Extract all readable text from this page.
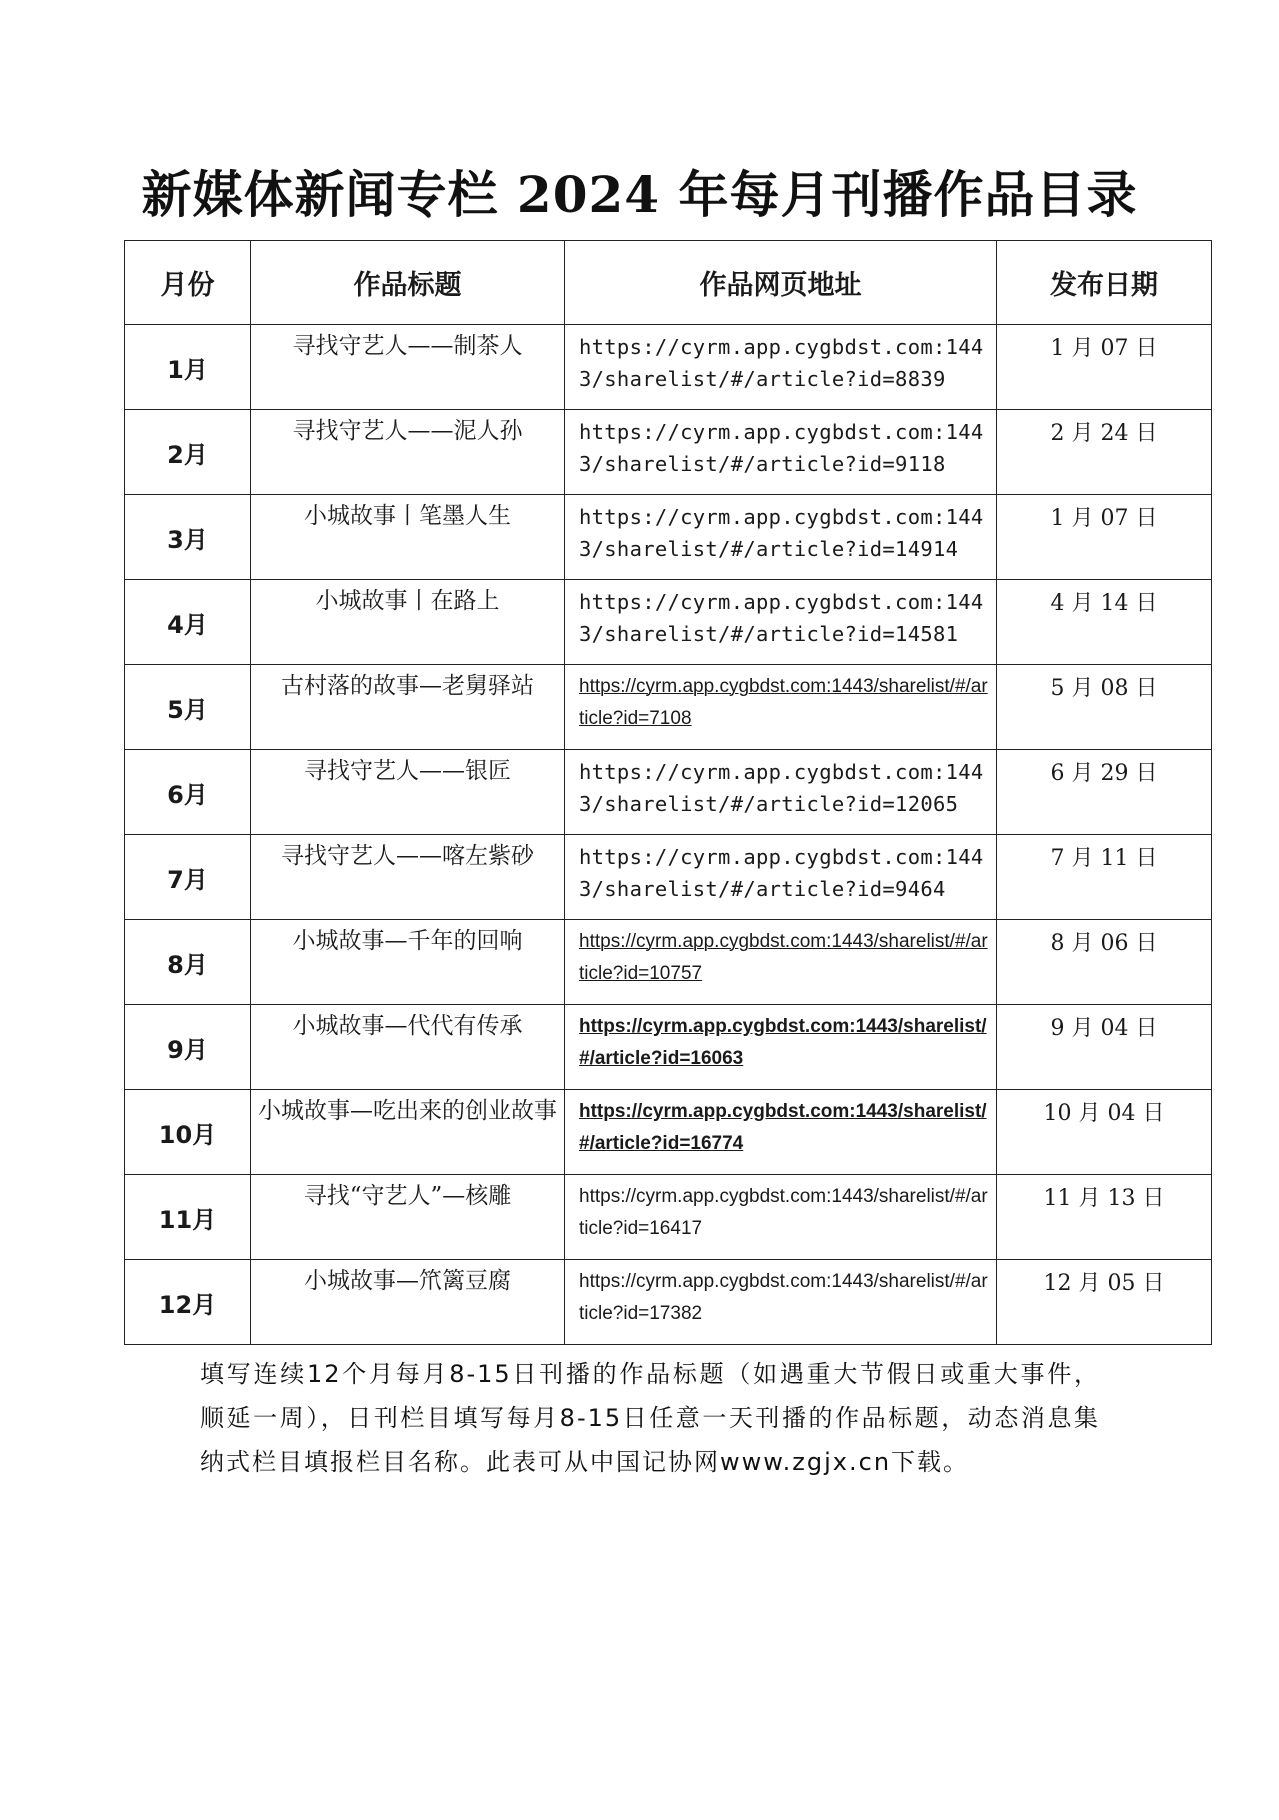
新媒体新闻专栏 2024 年每月刊播作品目录
月份	作品标题	作品网页地址	发布日期
1月	寻找守艺人——制茶人	https://cyrm.app.cygbdst.com:1443/sharelist/#/article?id=8839	1 月 07 日
2月	寻找守艺人——泥人孙	https://cyrm.app.cygbdst.com:1443/sharelist/#/article?id=9118	2 月 24 日
3月	小城故事丨笔墨人生	https://cyrm.app.cygbdst.com:1443/sharelist/#/article?id=14914	1 月 07 日
4月	小城故事丨在路上	https://cyrm.app.cygbdst.com:1443/sharelist/#/article?id=14581	4 月 14 日
5月	古村落的故事—老舅驿站	https://cyrm.app.cygbdst.com:1443/sharelist/#/article?id=7108	5 月 08 日
6月	寻找守艺人——银匠	https://cyrm.app.cygbdst.com:1443/sharelist/#/article?id=12065	6 月 29 日
7月	寻找守艺人——喀左紫砂	https://cyrm.app.cygbdst.com:1443/sharelist/#/article?id=9464	7 月 11 日
8月	小城故事—千年的回响	https://cyrm.app.cygbdst.com:1443/sharelist/#/article?id=10757	8 月 06 日
9月	小城故事—代代有传承	https://cyrm.app.cygbdst.com:1443/sharelist/#/article?id=16063	9 月 04 日
10月	小城故事—吃出来的创业故事	https://cyrm.app.cygbdst.com:1443/sharelist/#/article?id=16774	10 月 04 日
11月	寻找“守艺人”—核雕	https://cyrm.app.cygbdst.com:1443/sharelist/#/article?id=16417	11 月 13 日
12月	小城故事—笊篱豆腐	https://cyrm.app.cygbdst.com:1443/sharelist/#/article?id=17382	12 月 05 日
填写连续12个月每月8-15日刊播的作品标题（如遇重大节假日或重大事件，顺延一周），日刊栏目填写每月8-15日任意一天刊播的作品标题，动态消息集纳式栏目填报栏目名称。此表可从中国记协网www.zgjx.cn下载。
